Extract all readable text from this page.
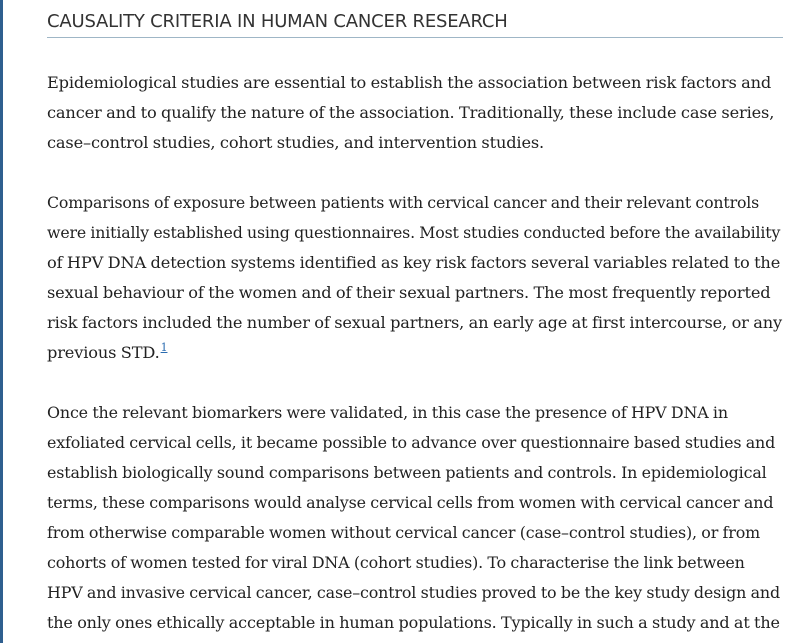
CAUSALITY CRITERIA IN HUMAN CANCER RESEARCH

Epidemiological studies are essential to establish the association between risk factors and
cancer and to qualify the nature of the association. Traditionally, these include case series,
case–control studies, cohort studies, and intervention studies.

Comparisons of exposure between patients with cervical cancer and their relevant controls
were initially established using questionnaires. Most studies conducted before the availability
of HPV DNA detection systems identified as key risk factors several variables related to the
sexual behaviour of the women and of their sexual partners. The most frequently reported
risk factors included the number of sexual partners, an early age at first intercourse, or any
previous STD.$^1$

Once the relevant biomarkers were validated, in this case the presence of HPV DNA in
exfoliated cervical cells, it became possible to advance over questionnaire based studies and
establish biologically sound comparisons between patients and controls. In epidemiological
terms, these comparisons would analyse cervical cells from women with cervical cancer and
from otherwise comparable women without cervical cancer (case–control studies), or from
cohorts of women tested for viral DNA (cohort studies). To characterise the link between
HPV and invasive cervical cancer, case–control studies proved to be the key study design and
the only ones ethically acceptable in human populations. Typically in such a study and at the
